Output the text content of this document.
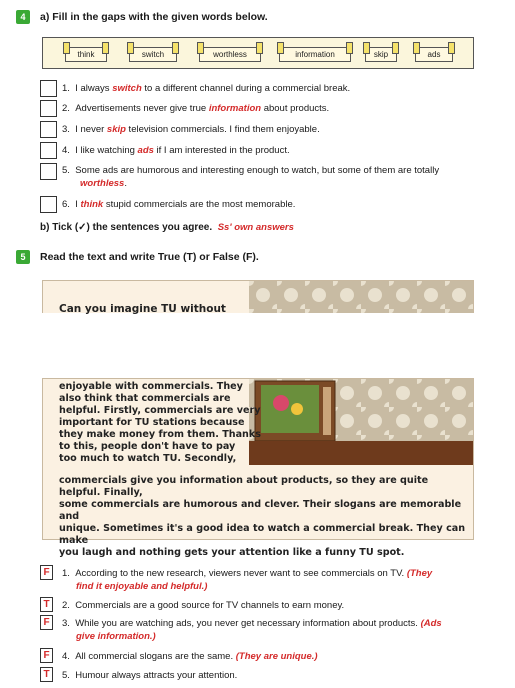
4	a) Fill in the gaps with the given words below.
think	switch	worthless	information	skip	ads
1. I always switch to a different channel during a commercial break.
2. Advertisements never give true information about products.
3. I never skip television commercials. I find them enjoyable.
4. I like watching ads if I am interested in the product.
5. Some ads are humorous and interesting enough to watch, but some of them are totally
worthless.
6. I think stupid commercials are the most memorable.
b) Tick (✓) the sentences you agree. Ss' own answers
5	Read the text and write True (T) or False (F).
Can you imagine TU without
enjoyable with commercials. They
also think that commercials are
helpful. Firstly, commercials are very
important for TU stations because
they make money from them. Thanks
to this, people don't have to pay
too much to watch TU. Secondly,
commercials give you information about products, so they are quite helpful. Finally,
some commercials are humorous and clever. Their slogans are memorable and
unique. Sometimes it's a good idea to watch a commercial break. They can make
you laugh and nothing gets your attention like a funny TU spot.
F	1. According to the new research, viewers never want to see commercials on TV. (They
find it enjoyable and helpful.)
T	2. Commercials are a good source for TV channels to earn money.
F	3. While you are watching ads, you never get necessary information about products. (Ads
give information.)
F	4. All commercial slogans are the same. (They are unique.)
T	5. Humour always attracts your attention.
